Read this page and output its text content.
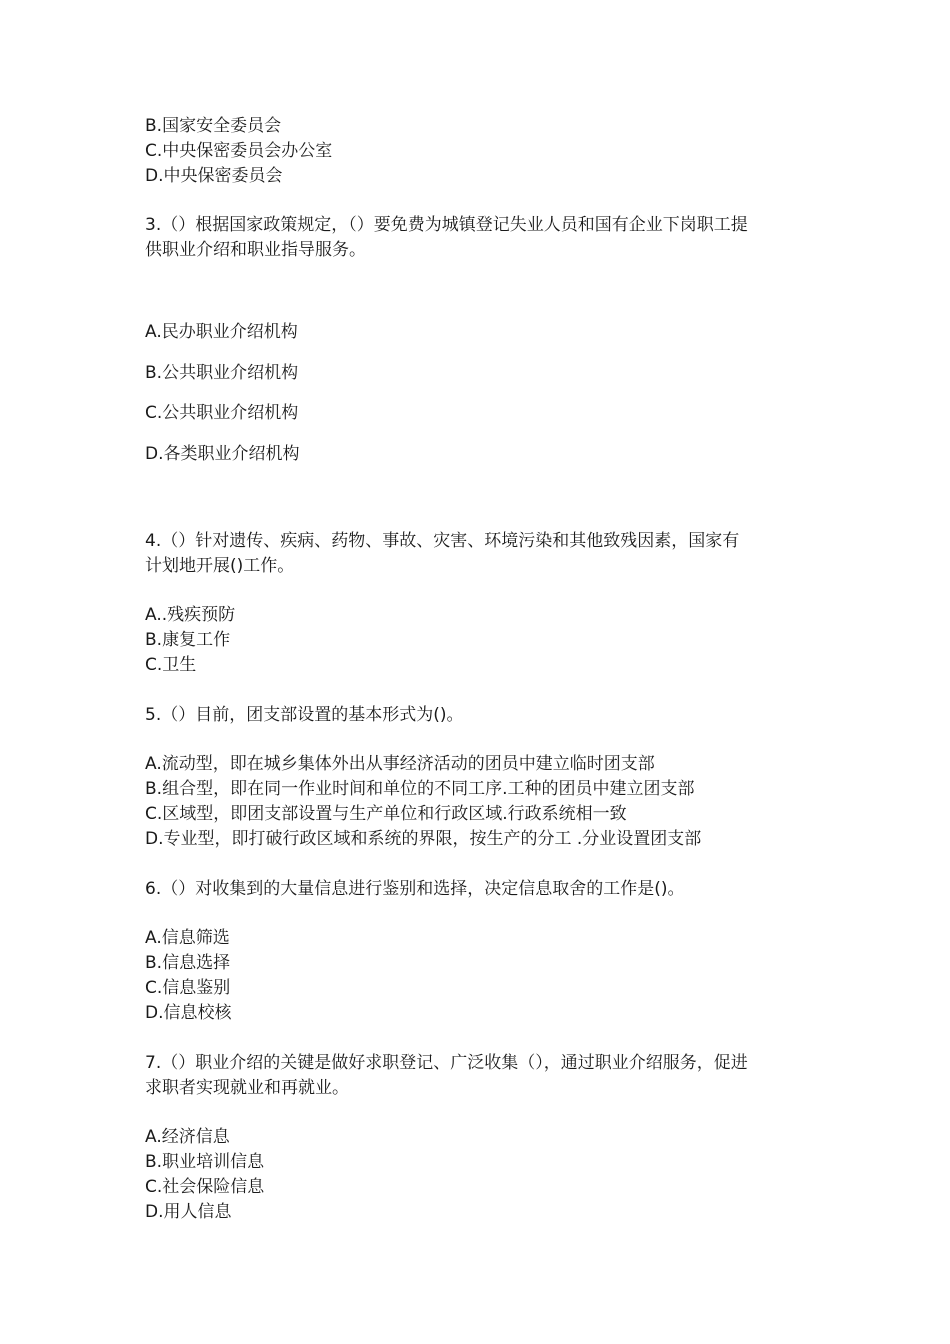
B.国家安全委员会
C.中央保密委员会办公室
D.中央保密委员会
3.（）根据国家政策规定，（）要免费为城镇登记失业人员和国有企业下岗职工提
供职业介绍和职业指导服务。
A.民办职业介绍机构
B.公共职业介绍机构
C.公共职业介绍机构
D.各类职业介绍机构
4.（）针对遗传、疾病、药物、事故、灾害、环境污染和其他致残因素，国家有
计划地开展()工作。
A..残疾预防
B.康复工作
C.卫生
5.（）目前，团支部设置的基本形式为()。
A.流动型，即在城乡集体外出从事经济活动的团员中建立临时团支部
B.组合型，即在同一作业时间和单位的不同工序.工种的团员中建立团支部
C.区域型，即团支部设置与生产单位和行政区域.行政系统相一致
D.专业型，即打破行政区域和系统的界限，按生产的分工 .分业设置团支部
6.（）对收集到的大量信息进行鉴别和选择，决定信息取舍的工作是()。
A.信息筛选
B.信息选择
C.信息鉴别
D.信息校核
7.（）职业介绍的关键是做好求职登记、广泛收集（），通过职业介绍服务，促进
求职者实现就业和再就业。
A.经济信息
B.职业培训信息
C.社会保险信息
D.用人信息
